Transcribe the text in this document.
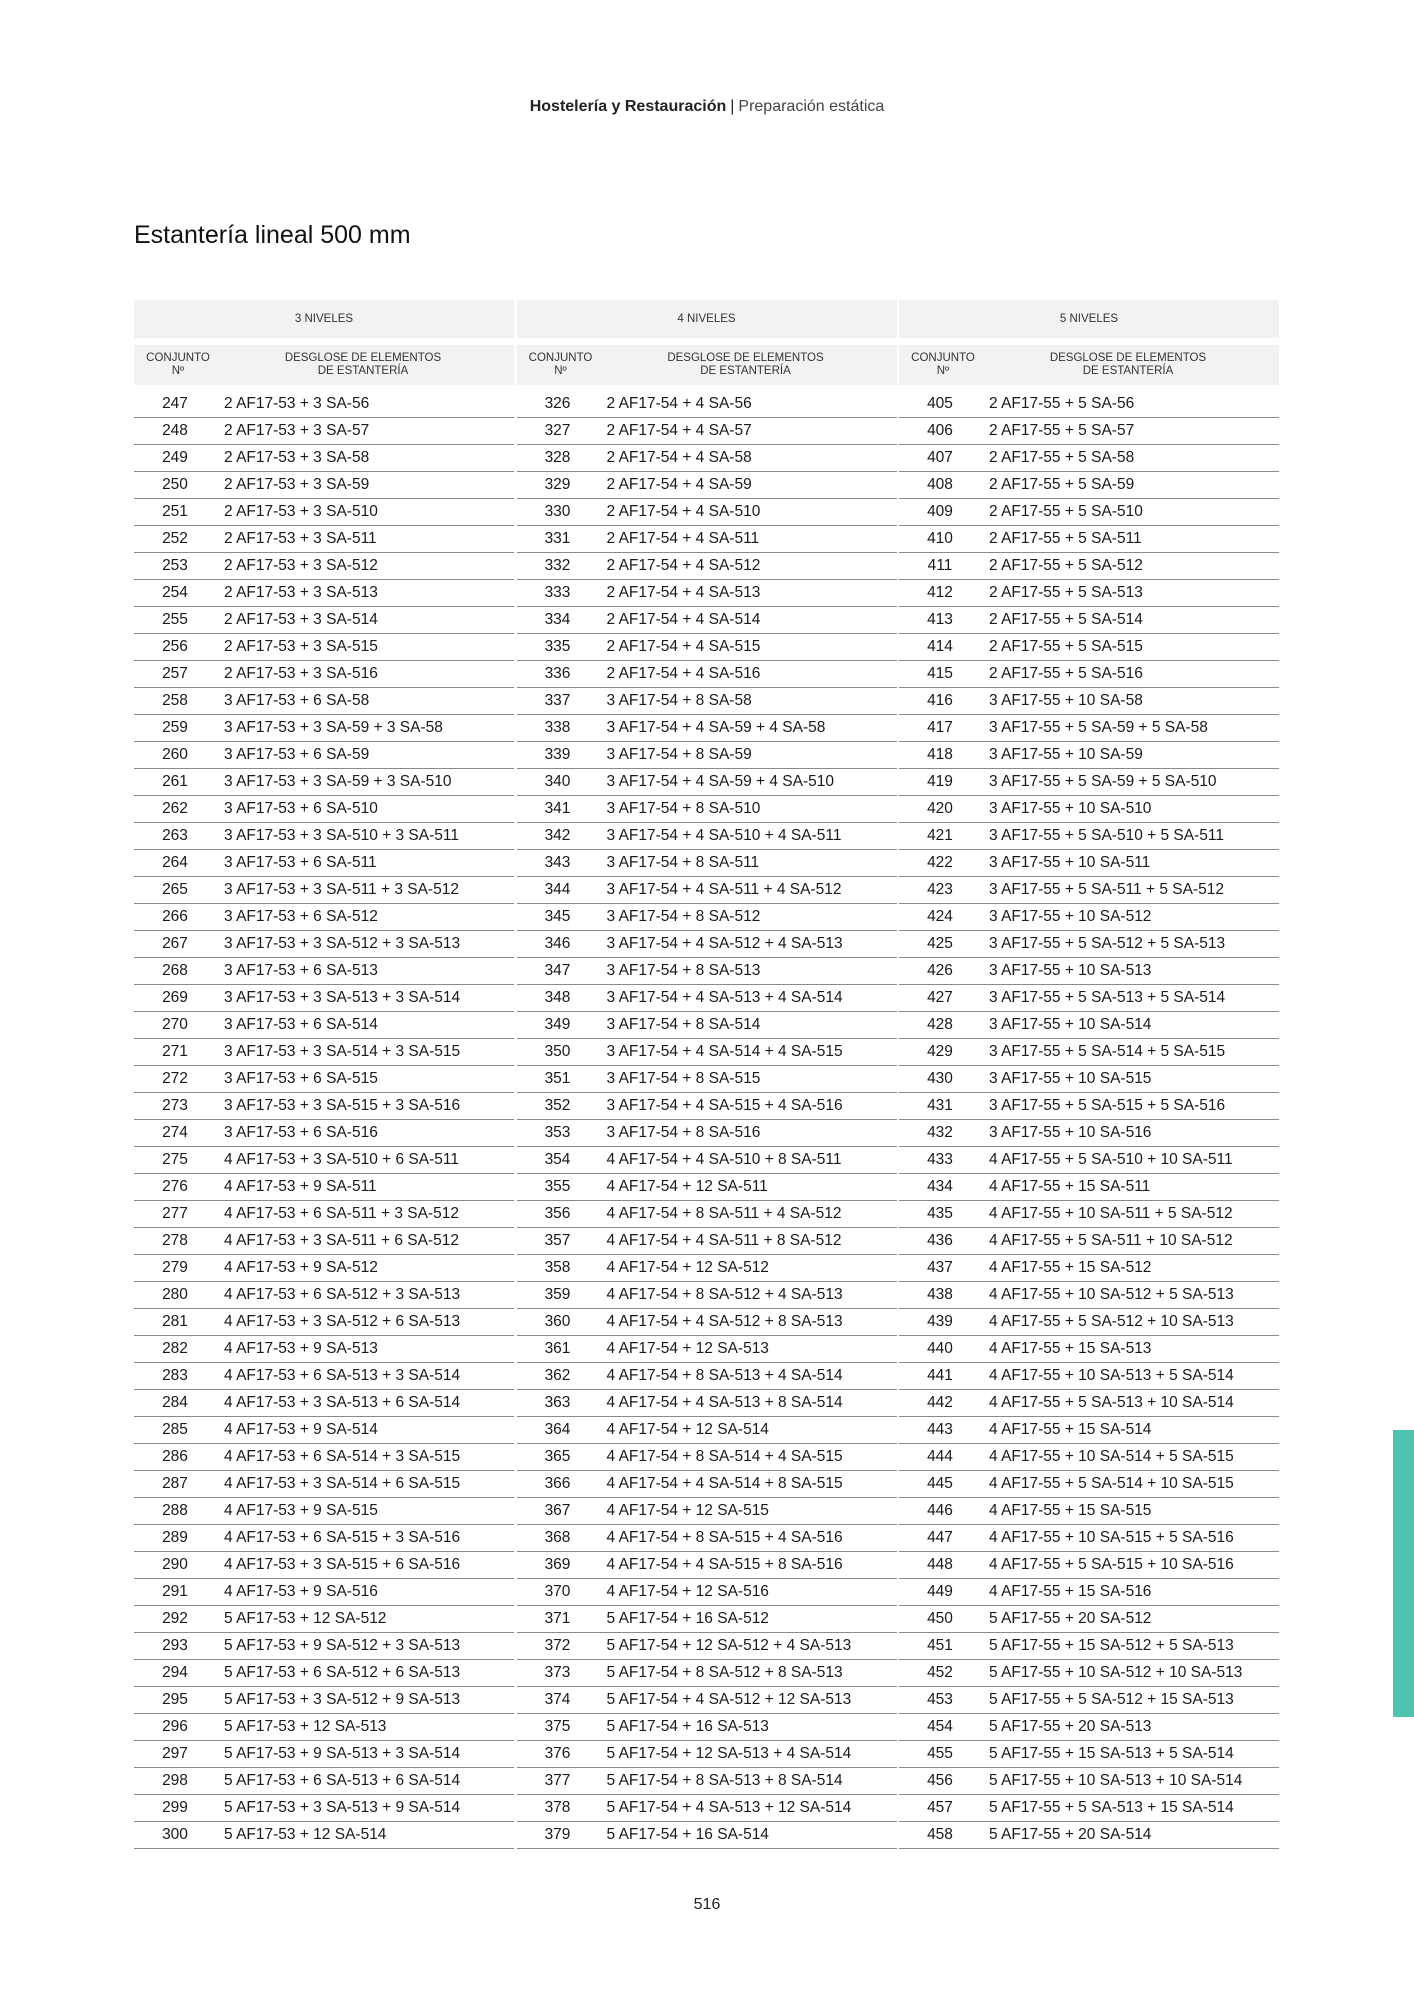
Hostelería y Restauración | Preparación estática
Estantería lineal 500 mm
3 NIVELES
CONJUNTO
Nº
DESGLOSE DE ELEMENTOS
DE ESTANTERÍA
247	2 AF17-53 + 3 SA-56
248	2 AF17-53 + 3 SA-57
249	2 AF17-53 + 3 SA-58
250	2 AF17-53 + 3 SA-59
251	2 AF17-53 + 3 SA-510
252	2 AF17-53 + 3 SA-511
253	2 AF17-53 + 3 SA-512
254	2 AF17-53 + 3 SA-513
255	2 AF17-53 + 3 SA-514
256	2 AF17-53 + 3 SA-515
257	2 AF17-53 + 3 SA-516
258	3 AF17-53 + 6 SA-58
259	3 AF17-53 + 3 SA-59 + 3 SA-58
260	3 AF17-53 + 6 SA-59
261	3 AF17-53 + 3 SA-59 + 3 SA-510
262	3 AF17-53 + 6 SA-510
263	3 AF17-53 + 3 SA-510 + 3 SA-511
264	3 AF17-53 + 6 SA-511
265	3 AF17-53 + 3 SA-511 + 3 SA-512
266	3 AF17-53 + 6 SA-512
267	3 AF17-53 + 3 SA-512 + 3 SA-513
268	3 AF17-53 + 6 SA-513
269	3 AF17-53 + 3 SA-513 + 3 SA-514
270	3 AF17-53 + 6 SA-514
271	3 AF17-53 + 3 SA-514 + 3 SA-515
272	3 AF17-53 + 6 SA-515
273	3 AF17-53 + 3 SA-515 + 3 SA-516
274	3 AF17-53 + 6 SA-516
275	4 AF17-53 + 3 SA-510 + 6 SA-511
276	4 AF17-53 + 9 SA-511
277	4 AF17-53 + 6 SA-511 + 3 SA-512
278	4 AF17-53 + 3 SA-511 + 6 SA-512
279	4 AF17-53 + 9 SA-512
280	4 AF17-53 + 6 SA-512 + 3 SA-513
281	4 AF17-53 + 3 SA-512 + 6 SA-513
282	4 AF17-53 + 9 SA-513
283	4 AF17-53 + 6 SA-513 + 3 SA-514
284	4 AF17-53 + 3 SA-513 + 6 SA-514
285	4 AF17-53 + 9 SA-514
286	4 AF17-53 + 6 SA-514 + 3 SA-515
287	4 AF17-53 + 3 SA-514 + 6 SA-515
288	4 AF17-53 + 9 SA-515
289	4 AF17-53 + 6 SA-515 + 3 SA-516
290	4 AF17-53 + 3 SA-515 + 6 SA-516
291	4 AF17-53 + 9 SA-516
292	5 AF17-53 + 12 SA-512
293	5 AF17-53 + 9 SA-512 + 3 SA-513
294	5 AF17-53 + 6 SA-512 + 6 SA-513
295	5 AF17-53 + 3 SA-512 + 9 SA-513
296	5 AF17-53 + 12 SA-513
297	5 AF17-53 + 9 SA-513 + 3 SA-514
298	5 AF17-53 + 6 SA-513 + 6 SA-514
299	5 AF17-53 + 3 SA-513 + 9 SA-514
300	5 AF17-53 + 12 SA-514
4 NIVELES
CONJUNTO
Nº
DESGLOSE DE ELEMENTOS
DE ESTANTERÍA
326	2 AF17-54 + 4 SA-56
327	2 AF17-54 + 4 SA-57
328	2 AF17-54 + 4 SA-58
329	2 AF17-54 + 4 SA-59
330	2 AF17-54 + 4 SA-510
331	2 AF17-54 + 4 SA-511
332	2 AF17-54 + 4 SA-512
333	2 AF17-54 + 4 SA-513
334	2 AF17-54 + 4 SA-514
335	2 AF17-54 + 4 SA-515
336	2 AF17-54 + 4 SA-516
337	3 AF17-54 + 8 SA-58
338	3 AF17-54 + 4 SA-59 + 4 SA-58
339	3 AF17-54 + 8 SA-59
340	3 AF17-54 + 4 SA-59 + 4 SA-510
341	3 AF17-54 + 8 SA-510
342	3 AF17-54 + 4 SA-510 + 4 SA-511
343	3 AF17-54 + 8 SA-511
344	3 AF17-54 + 4 SA-511 + 4 SA-512
345	3 AF17-54 + 8 SA-512
346	3 AF17-54 + 4 SA-512 + 4 SA-513
347	3 AF17-54 + 8 SA-513
348	3 AF17-54 + 4 SA-513 + 4 SA-514
349	3 AF17-54 + 8 SA-514
350	3 AF17-54 + 4 SA-514 + 4 SA-515
351	3 AF17-54 + 8 SA-515
352	3 AF17-54 + 4 SA-515 + 4 SA-516
353	3 AF17-54 + 8 SA-516
354	4 AF17-54 + 4 SA-510 + 8 SA-511
355	4 AF17-54 + 12 SA-511
356	4 AF17-54 + 8 SA-511 + 4 SA-512
357	4 AF17-54 + 4 SA-511 + 8 SA-512
358	4 AF17-54 + 12 SA-512
359	4 AF17-54 + 8 SA-512 + 4 SA-513
360	4 AF17-54 + 4 SA-512 + 8 SA-513
361	4 AF17-54 + 12 SA-513
362	4 AF17-54 + 8 SA-513 + 4 SA-514
363	4 AF17-54 + 4 SA-513 + 8 SA-514
364	4 AF17-54 + 12 SA-514
365	4 AF17-54 + 8 SA-514 + 4 SA-515
366	4 AF17-54 + 4 SA-514 + 8 SA-515
367	4 AF17-54 + 12 SA-515
368	4 AF17-54 + 8 SA-515 + 4 SA-516
369	4 AF17-54 + 4 SA-515 + 8 SA-516
370	4 AF17-54 + 12 SA-516
371	5 AF17-54 + 16 SA-512
372	5 AF17-54 + 12 SA-512 + 4 SA-513
373	5 AF17-54 + 8 SA-512 + 8 SA-513
374	5 AF17-54 + 4 SA-512 + 12 SA-513
375	5 AF17-54 + 16 SA-513
376	5 AF17-54 + 12 SA-513 + 4 SA-514
377	5 AF17-54 + 8 SA-513 + 8 SA-514
378	5 AF17-54 + 4 SA-513 + 12 SA-514
379	5 AF17-54 + 16 SA-514
5 NIVELES
CONJUNTO
Nº
DESGLOSE DE ELEMENTOS
DE ESTANTERÍA
405	2 AF17-55 + 5 SA-56
406	2 AF17-55 + 5 SA-57
407	2 AF17-55 + 5 SA-58
408	2 AF17-55 + 5 SA-59
409	2 AF17-55 + 5 SA-510
410	2 AF17-55 + 5 SA-511
411	2 AF17-55 + 5 SA-512
412	2 AF17-55 + 5 SA-513
413	2 AF17-55 + 5 SA-514
414	2 AF17-55 + 5 SA-515
415	2 AF17-55 + 5 SA-516
416	3 AF17-55 + 10 SA-58
417	3 AF17-55 + 5 SA-59 + 5 SA-58
418	3 AF17-55 + 10 SA-59
419	3 AF17-55 + 5 SA-59 + 5 SA-510
420	3 AF17-55 + 10 SA-510
421	3 AF17-55 + 5 SA-510 + 5 SA-511
422	3 AF17-55 + 10 SA-511
423	3 AF17-55 + 5 SA-511 + 5 SA-512
424	3 AF17-55 + 10 SA-512
425	3 AF17-55 + 5 SA-512 + 5 SA-513
426	3 AF17-55 + 10 SA-513
427	3 AF17-55 + 5 SA-513 + 5 SA-514
428	3 AF17-55 + 10 SA-514
429	3 AF17-55 + 5 SA-514 + 5 SA-515
430	3 AF17-55 + 10 SA-515
431	3 AF17-55 + 5 SA-515 + 5 SA-516
432	3 AF17-55 + 10 SA-516
433	4 AF17-55 + 5 SA-510 + 10 SA-511
434	4 AF17-55 + 15 SA-511
435	4 AF17-55 + 10 SA-511 + 5 SA-512
436	4 AF17-55 + 5 SA-511 + 10 SA-512
437	4 AF17-55 + 15 SA-512
438	4 AF17-55 + 10 SA-512 + 5 SA-513
439	4 AF17-55 + 5 SA-512 + 10 SA-513
440	4 AF17-55 + 15 SA-513
441	4 AF17-55 + 10 SA-513 + 5 SA-514
442	4 AF17-55 + 5 SA-513 + 10 SA-514
443	4 AF17-55 + 15 SA-514
444	4 AF17-55 + 10 SA-514 + 5 SA-515
445	4 AF17-55 + 5 SA-514 + 10 SA-515
446	4 AF17-55 + 15 SA-515
447	4 AF17-55 + 10 SA-515 + 5 SA-516
448	4 AF17-55 + 5 SA-515 + 10 SA-516
449	4 AF17-55 + 15 SA-516
450	5 AF17-55 + 20 SA-512
451	5 AF17-55 + 15 SA-512 + 5 SA-513
452	5 AF17-55 + 10 SA-512 + 10 SA-513
453	5 AF17-55 + 5 SA-512 + 15 SA-513
454	5 AF17-55 + 20 SA-513
455	5 AF17-55 + 15 SA-513 + 5 SA-514
456	5 AF17-55 + 10 SA-513 + 10 SA-514
457	5 AF17-55 + 5 SA-513 + 15 SA-514
458	5 AF17-55 + 20 SA-514
516
